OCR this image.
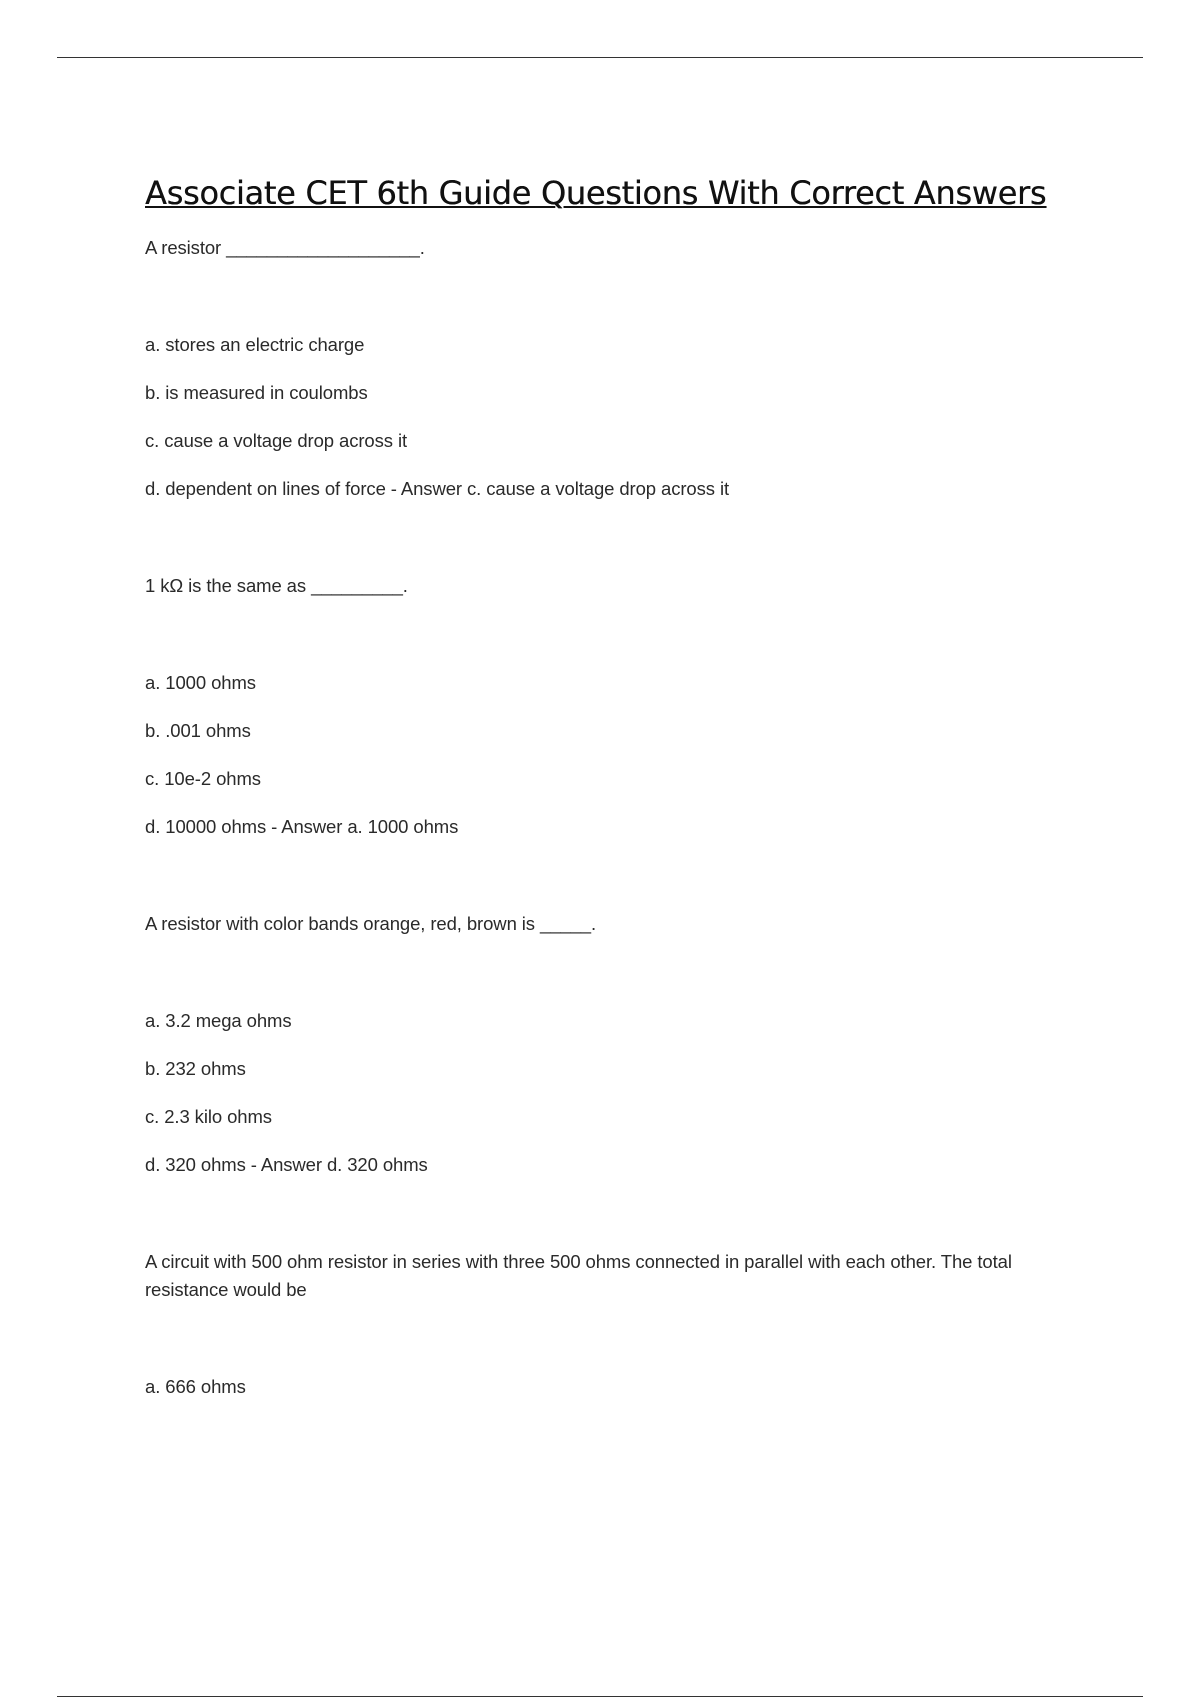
Associate CET 6th Guide Questions With Correct Answers

A resistor ___________________.

a. stores an electric charge

b. is measured in coulombs

c. cause a voltage drop across it

d. dependent on lines of force - Answer c. cause a voltage drop across it

1 kΩ is the same as _________.

a. 1000 ohms

b. .001 ohms

c. 10e-2 ohms

d. 10000 ohms - Answer a. 1000 ohms

A resistor with color bands orange, red, brown is _____.

a. 3.2 mega ohms

b. 232 ohms

c. 2.3 kilo ohms

d. 320 ohms - Answer d. 320 ohms

A circuit with 500 ohm resistor in series with three 500 ohms connected in parallel with each other. The total resistance would be

a. 666 ohms
